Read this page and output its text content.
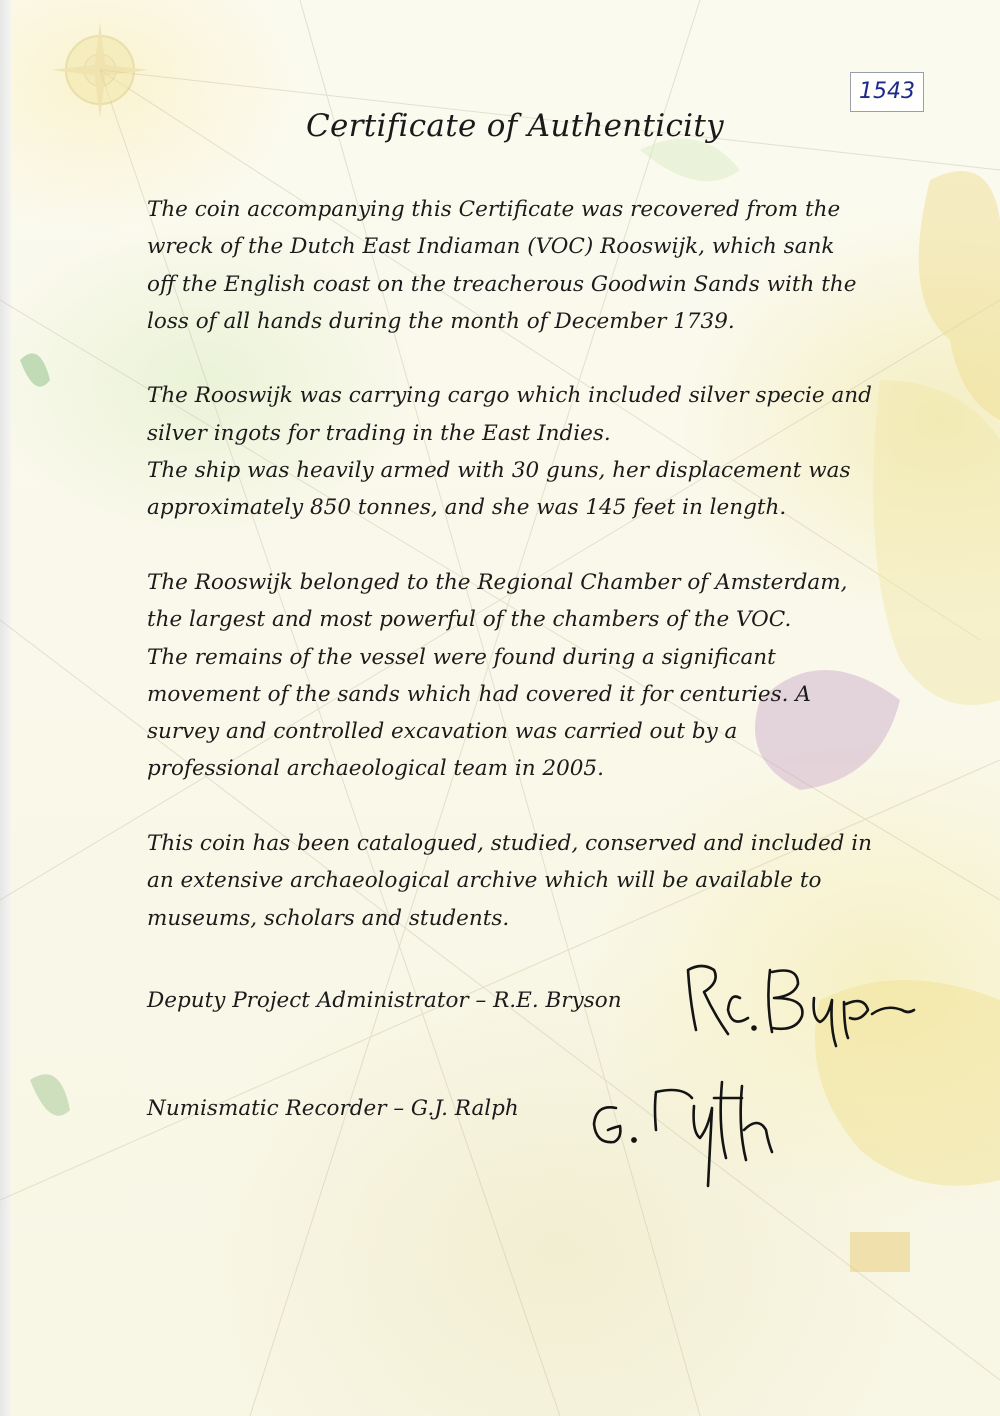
1543
Certificate of Authenticity
The coin accompanying this Certificate was recovered from the
wreck of the Dutch East Indiaman (VOC) Rooswijk, which sank
off the English coast on the treacherous Goodwin Sands with the
loss of all hands during the month of December 1739.
The Rooswijk was carrying cargo which included silver specie and
silver ingots for trading in the East Indies.
The ship was heavily armed with 30 guns, her displacement was
approximately 850 tonnes, and she was 145 feet in length.
The Rooswijk belonged to the Regional Chamber of Amsterdam,
the largest and most powerful of the chambers of the VOC.
The remains of the vessel were found during a significant
movement of the sands which had covered it for centuries. A
survey and controlled excavation was carried out by a
professional archaeological team in 2005.
This coin has been catalogued, studied, conserved and included in
an extensive archaeological archive which will be available to
museums, scholars and students.
Deputy Project Administrator – R.E. Bryson
Numismatic Recorder – G.J. Ralph
